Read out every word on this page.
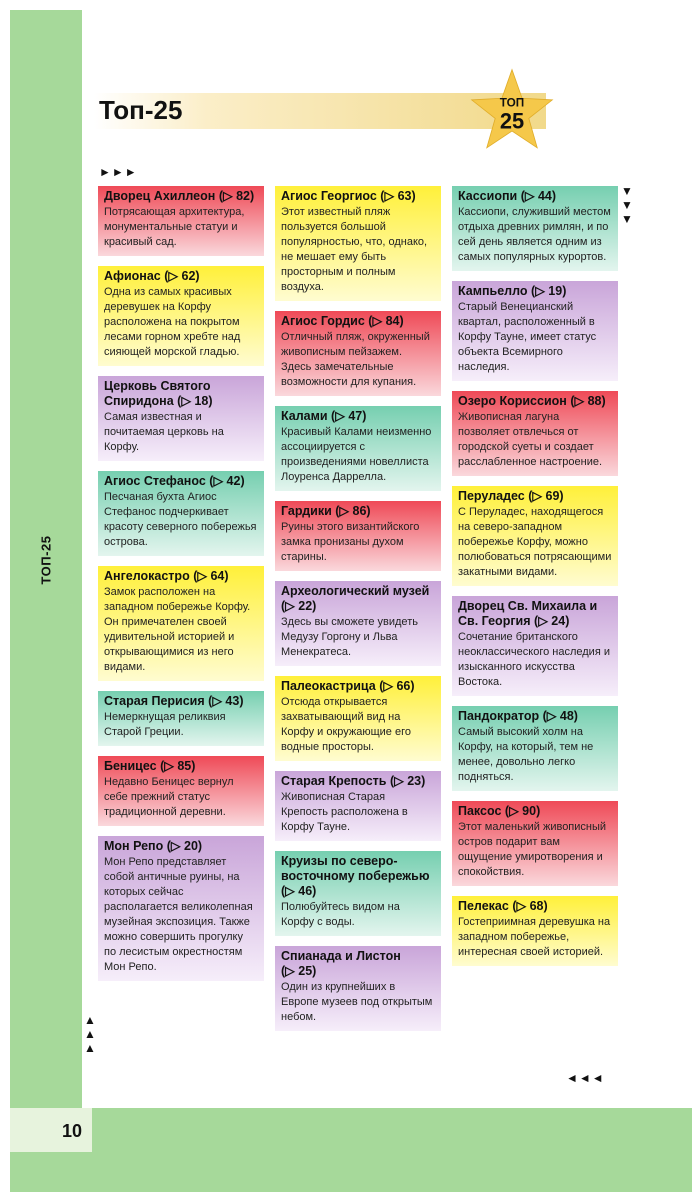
10
ТОП-25
Топ-25	ТОП
25
►►►
▼▼▼
▲▲▲
◄◄◄
Дворец Ахиллеон ( ▷ 82 )
Потрясающая архитектура, монументальные статуи и красивый сад.
Афионас ( ▷ 62 )
Одна из самых красивых деревушек на Корфу расположена на покрытом лесами горном хребте над сияющей морской гладью.
Церковь Святого Спиридона ( ▷ 18 )
Самая известная и почитаемая церковь на Корфу.
Агиос Стефанос ( ▷ 42 )
Песчаная бухта Агиос Стефанос подчеркивает красоту северного побережья острова.
Ангелокастро ( ▷ 64 )
Замок расположен на западном побережье Корфу. Он примечателен своей удивительной историей и открывающимися из него видами.
Старая Перисия ( ▷ 43 )
Немеркнущая реликвия Старой Греции.
Беницес ( ▷ 85 )
Недавно Беницес вернул себе прежний статус традиционной деревни.
Мон Репо ( ▷ 20 )
Мон Репо представляет собой античные руины, на которых сейчас располагается великолепная музейная экспозиция. Также можно совершить прогулку по лесистым окрестностям Мон Репо.
Агиос Георгиос ( ▷ 63 )
Этот известный пляж пользуется большой популярностью, что, однако, не мешает ему быть просторным и полным воздуха.
Агиос Гордис ( ▷ 84 )
Отличный пляж, окруженный живописным пейзажем. Здесь замечательные возможности для купания.
Калами ( ▷ 47 )
Красивый Калами неизменно ассоциируется с произведениями новеллиста Лоуренса Даррелла.
Гардики ( ▷ 86 )
Руины этого византийского замка пронизаны духом старины.
Археологический музей ( ▷ 22 )
Здесь вы сможете увидеть Медузу Горгону и Льва Менекратеса.
Палеокастрица ( ▷ 66 )
Отсюда открывается захватывающий вид на Корфу и окружающие его водные просторы.
Старая Крепость ( ▷ 23 )
Живописная Старая Крепость расположена в Корфу Тауне.
Круизы по северо-восточному побережью ( ▷ 46 )
Полюбуйтесь видом на Корфу с воды.
Спианада и Листон ( ▷ 25 )
Один из крупнейших в Европе музеев под открытым небом.
Кассиопи ( ▷ 44 )
Кассиопи, служивший местом отдыха древних римлян, и по сей день является одним из самых популярных курортов.
Кампьелло ( ▷ 19 )
Старый Венецианский квартал, расположенный в Корфу Тауне, имеет статус объекта Всемирного наследия.
Озеро Кориссион ( ▷ 88 )
Живописная лагуна позволяет отвлечься от городской суеты и создает расслабленное настроение.
Перуладес ( ▷ 69 )
С Перуладес, находящегося на северо-западном побережье Корфу, можно полюбоваться потрясающими закатными видами.
Дворец Св. Михаила и Св. Георгия ( ▷ 24 )
Сочетание британского неоклассического наследия и изысканного искусства Востока.
Пандократор ( ▷ 48 )
Самый высокий холм на Корфу, на который, тем не менее, довольно легко подняться.
Паксос ( ▷ 90 )
Этот маленький живописный остров подарит вам ощущение умиротворения и спокойствия.
Пелекас ( ▷ 68 )
Гостеприимная деревушка на западном побережье, интересная своей историей.
